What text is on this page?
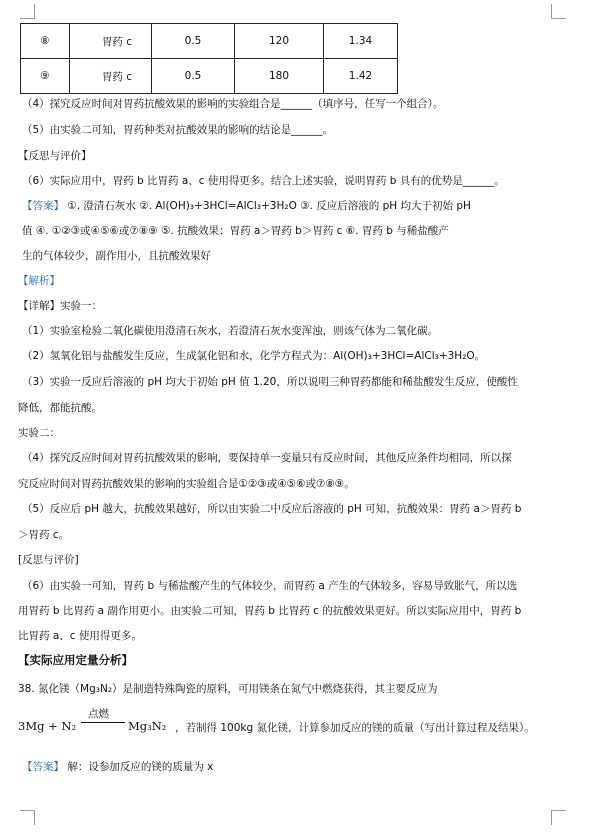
⑧	胃药 c	0.5	120	1.34
⑨	胃药 c	0.5	180	1.42
（4）探究反应时间对胃药抗酸效果的影响的实验组合是______（填序号，任写一个组合）。
（5）由实验二可知，胃药种类对抗酸效果的影响的结论是______。
【反思与评价】
（6）实际应用中，胃药 b 比胃药 a、c 使用得更多。结合上述实验，说明胃药 b 具有的优势是______。
【答案】 ①. 澄清石灰水 ②. Al(OH)₃+3HCl=AlCl₃+3H₂O ③. 反应后溶液的 pH 均大于初始 pH
值 ④. ①②③或④⑤⑥或⑦⑧⑨ ⑤. 抗酸效果：胃药 a＞胃药 b＞胃药 c ⑥. 胃药 b 与稀盐酸产
生的气体较少，副作用小，且抗酸效果好
【解析】
【详解】实验一：
（1）实验室检验二氧化碳使用澄清石灰水，若澄清石灰水变浑浊，则该气体为二氧化碳。
（2）氢氧化铝与盐酸发生反应，生成氯化铝和水，化学方程式为：Al(OH)₃+3HCl=AlCl₃+3H₂O。
（3）实验一反应后溶液的 pH 均大于初始 pH 值 1.20，所以说明三种胃药都能和稀盐酸发生反应，使酸性
降低，都能抗酸。
实验二：
（4）探究反应时间对胃药抗酸效果的影响，要保持单一变量只有反应时间，其他反应条件均相同，所以探
究反应时间对胃药抗酸效果的影响的实验组合是①②③或④⑤⑥或⑦⑧⑨。
（5）反应后 pH 越大，抗酸效果越好，所以由实验二中反应后溶液的 pH 可知，抗酸效果：胃药 a＞胃药 b
＞胃药 c。
[反思与评价]
（6）由实验一可知，胃药 b 与稀盐酸产生的气体较少，而胃药 a 产生的气体较多，容易导致胀气，所以选
用胃药 b 比胃药 a 副作用更小。由实验二可知，胃药 b 比胃药 c 的抗酸效果更好。所以实际应用中，胃药 b
比胃药 a、c 使用得更多。
【实际应用定量分析】
38. 氮化镁（Mg₃N₂）是制造特殊陶瓷的原料，可用镁条在氮气中燃烧获得，其主要反应为
3Mg + N₂
点燃
Mg₃N₂ ，若制得 100kg 氮化镁，计算参加反应的镁的质量（写出计算过程及结果）。
【答案】 解：设参加反应的镁的质量为 x
